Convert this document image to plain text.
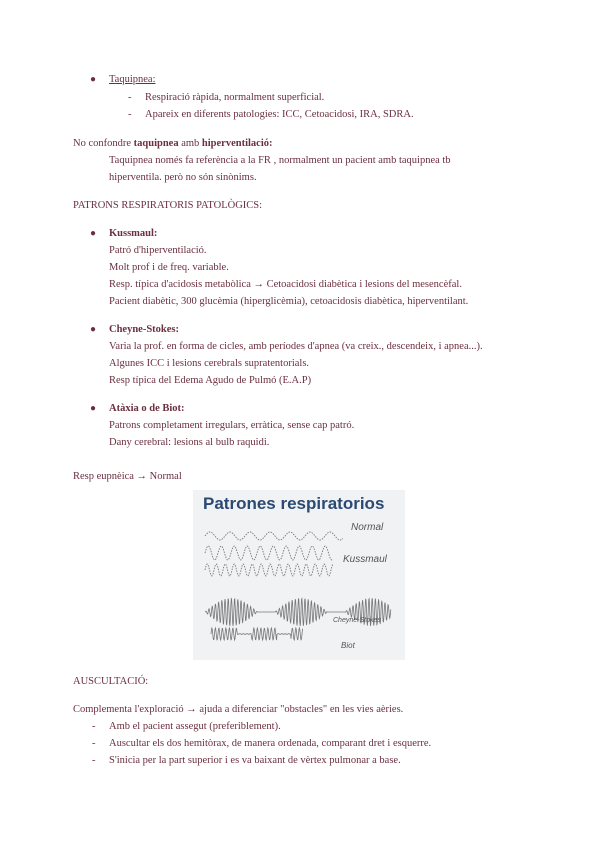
● Taquipnea:
- Respiració ràpida, normalment superficial.
- Apareix en diferents patologies: ICC, Cetoacidosi, IRA, SDRA.
No confondre taquipnea amb hiperventilació:
Taquipnea només fa referència a la FR , normalment un pacient amb taquipnea tb
hiperventila. però no són sinònims.
PATRONS RESPIRATORIS PATOLÒGICS:
● Kussmaul:
Patró d'hiperventilació.
Molt prof i de freq. variable.
Resp. típica d'acidosis metabòlica → Cetoacidosi diabètica i lesions del mesencèfal.
Pacient diabètic, 300 glucèmia (hiperglicèmia), cetoacidosis diabètica, hiperventilant.
● Cheyne-Stokes:
Varia la prof. en forma de cicles, amb períodes d'apnea (va creix., descendeix, i apnea...).
Algunes ICC i lesions cerebrals supratentorials.
Resp típica del Edema Agudo de Pulmó (E.A.P)
● Atàxia o de Biot:
Patrons completament irregulars, erràtica, sense cap patró.
Dany cerebral: lesions al bulb raquidi.
Resp eupnèica → Normal
Patrones respiratorios
Normal
Kussmaul
Cheyne-Stokes
Biot
AUSCULTACIÓ:
Complementa l'exploració → ajuda a diferenciar "obstacles" en les vies aèries.
- Amb el pacient assegut (preferiblement).
- Auscultar els dos hemitòrax, de manera ordenada, comparant dret i esquerre.
- S'inicia per la part superior i es va baixant de vèrtex pulmonar a base.
